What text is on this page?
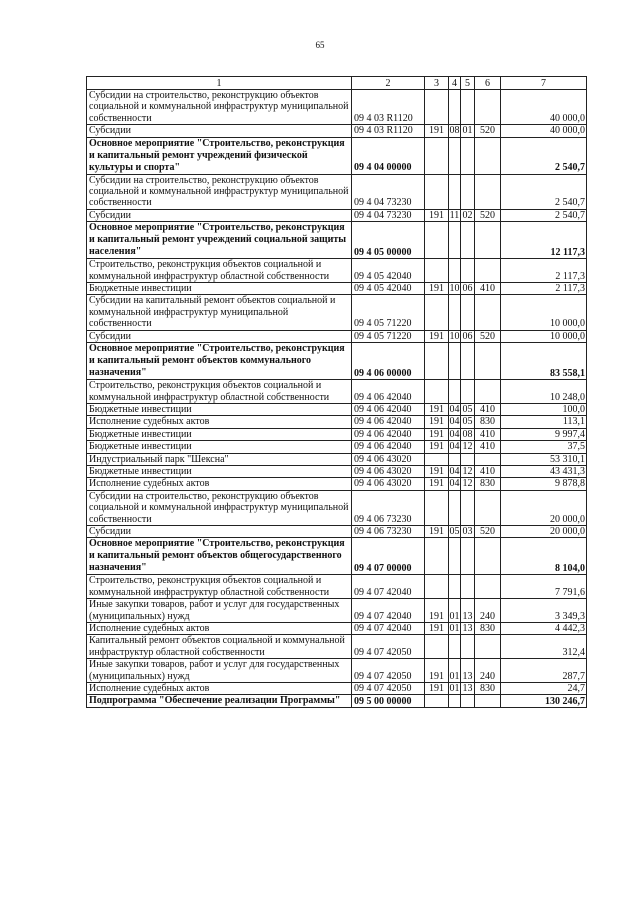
65
1	2	3	4	5	6	7
Субсидии на строительство, реконструкцию объектов социальной и коммунальной инфраструктур муниципальной собственности	09 4 03 R1120					40 000,0
Субсидии	09 4 03 R1120	191	08	01	520	40 000,0
Основное мероприятие "Строительство, реконструкция и капитальный ремонт учреждений физической культуры и спорта"	09 4 04 00000					2 540,7
Субсидии на строительство, реконструкцию объектов социальной и коммунальной инфраструктур муниципальной собственности	09 4 04 73230					2 540,7
Субсидии	09 4 04 73230	191	11	02	520	2 540,7
Основное мероприятие "Строительство, реконструкция и капитальный ремонт учреждений социальной защиты населения"	09 4 05 00000					12 117,3
Строительство, реконструкция объектов социальной и коммунальной инфраструктур областной собственности	09 4 05 42040					2 117,3
Бюджетные инвестиции	09 4 05 42040	191	10	06	410	2 117,3
Субсидии на капитальный ремонт объектов социальной и коммунальной инфраструктур муниципальной собственности	09 4 05 71220					10 000,0
Субсидии	09 4 05 71220	191	10	06	520	10 000,0
Основное мероприятие "Строительство, реконструкция и капитальный ремонт объектов коммунального назначения"	09 4 06 00000					83 558,1
Строительство, реконструкция объектов социальной и коммунальной инфраструктур областной собственности	09 4 06 42040					10 248,0
Бюджетные инвестиции	09 4 06 42040	191	04	05	410	100,0
Исполнение судебных актов	09 4 06 42040	191	04	05	830	113,1
Бюджетные инвестиции	09 4 06 42040	191	04	08	410	9 997,4
Бюджетные инвестиции	09 4 06 42040	191	04	12	410	37,5
Индустриальный парк "Шексна"	09 4 06 43020					53 310,1
Бюджетные инвестиции	09 4 06 43020	191	04	12	410	43 431,3
Исполнение судебных актов	09 4 06 43020	191	04	12	830	9 878,8
Субсидии на строительство, реконструкцию объектов социальной и коммунальной инфраструктур муниципальной собственности	09 4 06 73230					20 000,0
Субсидии	09 4 06 73230	191	05	03	520	20 000,0
Основное мероприятие "Строительство, реконструкция и капитальный ремонт объектов общегосударственного назначения"	09 4 07 00000					8 104,0
Строительство, реконструкция объектов социальной и коммунальной инфраструктур областной собственности	09 4 07 42040					7 791,6
Иные закупки товаров, работ и услуг для государственных (муниципальных) нужд	09 4 07 42040	191	01	13	240	3 349,3
Исполнение судебных актов	09 4 07 42040	191	01	13	830	4 442,3
Капитальный ремонт объектов социальной и коммунальной инфраструктур областной собственности	09 4 07 42050					312,4
Иные закупки товаров, работ и услуг для государственных (муниципальных) нужд	09 4 07 42050	191	01	13	240	287,7
Исполнение судебных актов	09 4 07 42050	191	01	13	830	24,7
Подпрограмма "Обеспечение реализации Программы"	09 5 00 00000					130 246,7
